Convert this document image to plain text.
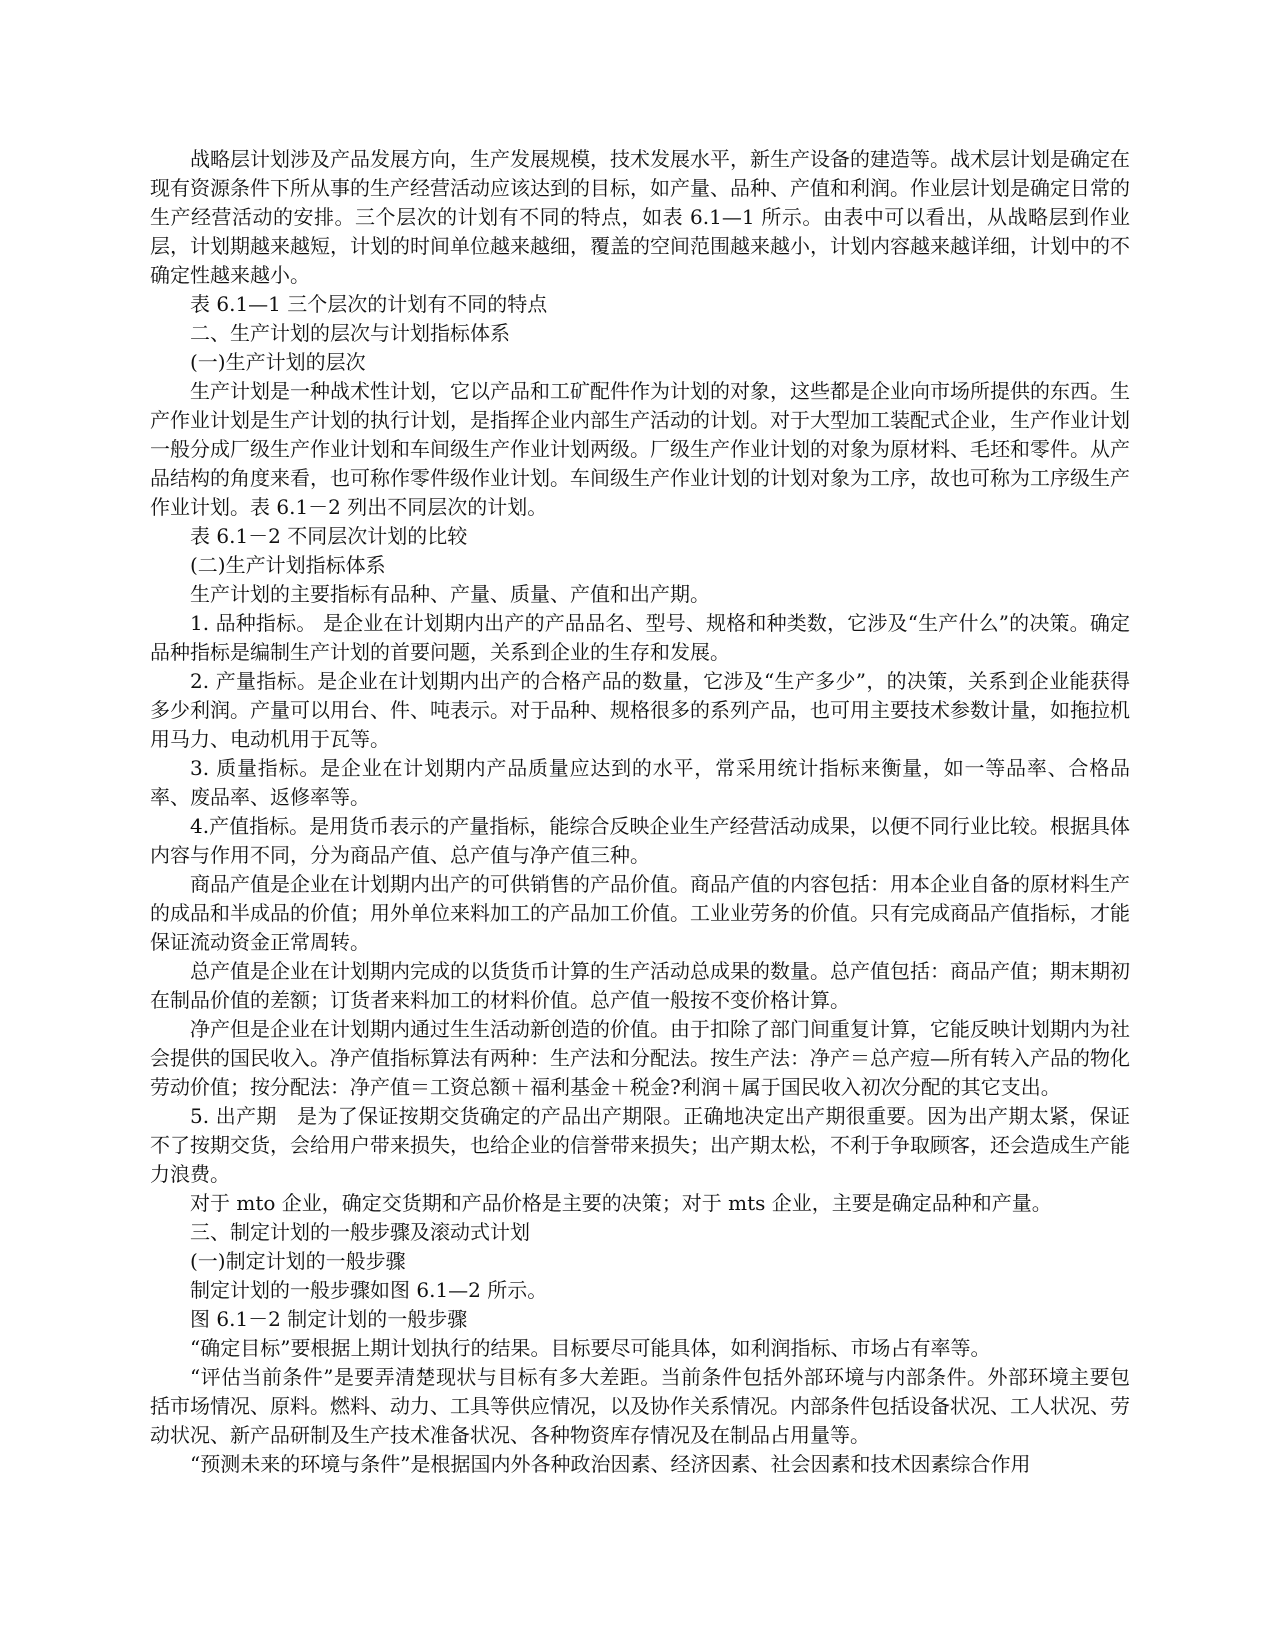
战略层计划涉及产品发展方向，生产发展规模，技术发展水平，新生产设备的建造等。战术层计划是确定在现有资源条件下所从事的生产经营活动应该达到的目标，如产量、品种、产值和利润。作业层计划是确定日常的生产经营活动的安排。三个层次的计划有不同的特点，如表 6.1—1 所示。由表中可以看出，从战略层到作业层，计划期越来越短，计划的时间单位越来越细，覆盖的空间范围越来越小，计划内容越来越详细，计划中的不确定性越来越小。

表 6.1—1 三个层次的计划有不同的特点

二、生产计划的层次与计划指标体系

(一)生产计划的层次

生产计划是一种战术性计划，它以产品和工矿配件作为计划的对象，这些都是企业向市场所提供的东西。生产作业计划是生产计划的执行计划，是指挥企业内部生产活动的计划。对于大型加工装配式企业，生产作业计划一般分成厂级生产作业计划和车间级生产作业计划两级。厂级生产作业计划的对象为原材料、毛坯和零件。从产品结构的角度来看，也可称作零件级作业计划。车间级生产作业计划的计划对象为工序，故也可称为工序级生产作业计划。表 6.1－2 列出不同层次的计划。

表 6.1－2 不同层次计划的比较

(二)生产计划指标体系

生产计划的主要指标有品种、产量、质量、产值和出产期。

1. 品种指标。 是企业在计划期内出产的产品品名、型号、规格和种类数，它涉及“生产什么”的决策。确定品种指标是编制生产计划的首要问题，关系到企业的生存和发展。

2. 产量指标。是企业在计划期内出产的合格产品的数量，它涉及“生产多少”，的决策，关系到企业能获得多少利润。产量可以用台、件、吨表示。对于品种、规格很多的系列产品，也可用主要技术参数计量，如拖拉机用马力、电动机用于瓦等。

3. 质量指标。是企业在计划期内产品质量应达到的水平，常采用统计指标来衡量，如一等品率、合格品率、废品率、返修率等。

4.产值指标。是用货币表示的产量指标，能综合反映企业生产经营活动成果，以便不同行业比较。根据具体内容与作用不同，分为商品产值、总产值与净产值三种。

商品产值是企业在计划期内出产的可供销售的产品价值。商品产值的内容包括：用本企业自备的原材料生产的成品和半成品的价值；用外单位来料加工的产品加工价值。工业业劳务的价值。只有完成商品产值指标，才能保证流动资金正常周转。

总产值是企业在计划期内完成的以货货币计算的生产活动总成果的数量。总产值包括：商品产值；期末期初在制品价值的差额；订货者来料加工的材料价值。总产值一般按不变价格计算。

净产但是企业在计划期内通过生生活动新创造的价值。由于扣除了部门间重复计算，它能反映计划期内为社会提供的国民收入。净产值指标算法有两种：生产法和分配法。按生产法：净产＝总产痘—所有转入产品的物化劳动价值；按分配法：净产值＝工资总额＋福利基金＋税金?利润＋属于国民收入初次分配的其它支出。

5. 出产期　是为了保证按期交货确定的产品出产期限。正确地决定出产期很重要。因为出产期太紧，保证不了按期交货，会给用户带来损失，也给企业的信誉带来损失；出产期太松，不利于争取顾客，还会造成生产能力浪费。

对于 mto 企业，确定交货期和产品价格是主要的决策；对于 mts 企业，主要是确定品种和产量。

三、制定计划的一般步骤及滚动式计划

(一)制定计划的一般步骤

制定计划的一般步骤如图 6.1—2 所示。

图 6.1－2 制定计划的一般步骤

“确定目标”要根据上期计划执行的结果。目标要尽可能具体，如利润指标、市场占有率等。

“评估当前条件”是要弄清楚现状与目标有多大差距。当前条件包括外部环境与内部条件。外部环境主要包括市场情况、原料。燃料、动力、工具等供应情况，以及协作关系情况。内部条件包括设备状况、工人状况、劳动状况、新产品研制及生产技术准备状况、各种物资库存情况及在制品占用量等。

“预测未来的环境与条件”是根据国内外各种政治因素、经济因素、社会因素和技术因素综合作用
